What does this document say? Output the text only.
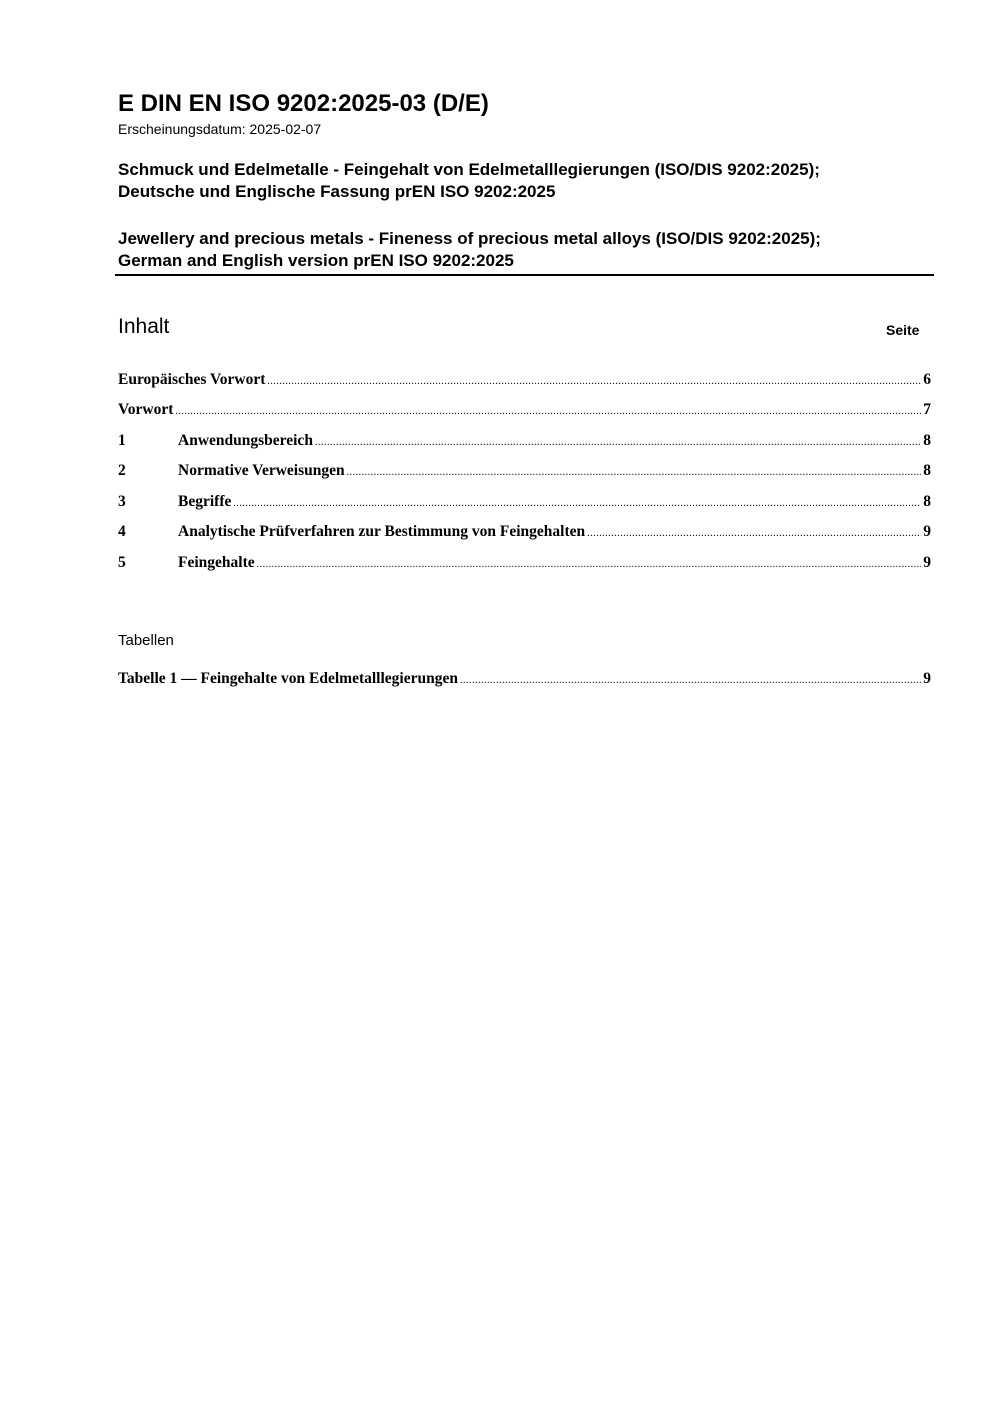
E DIN EN ISO 9202:2025-03 (D/E)
Erscheinungsdatum: 2025-02-07

Schmuck und Edelmetalle - Feingehalt von Edelmetalllegierungen (ISO/DIS 9202:2025); Deutsche und Englische Fassung prEN ISO 9202:2025

Jewellery and precious metals - Fineness of precious metal alloys (ISO/DIS 9202:2025); German and English version prEN ISO 9202:2025

Inhalt	Seite
Europäisches Vorwort .....	6
Vorwort .....	7
1	Anwendungsbereich .....	8
2	Normative Verweisungen .....	8
3	Begriffe .....	8
4	Analytische Prüfverfahren zur Bestimmung von Feingehalten .....	9
5	Feingehalte .....	9
Tabellen
Tabelle 1 — Feingehalte von Edelmetalllegierungen .....	9
